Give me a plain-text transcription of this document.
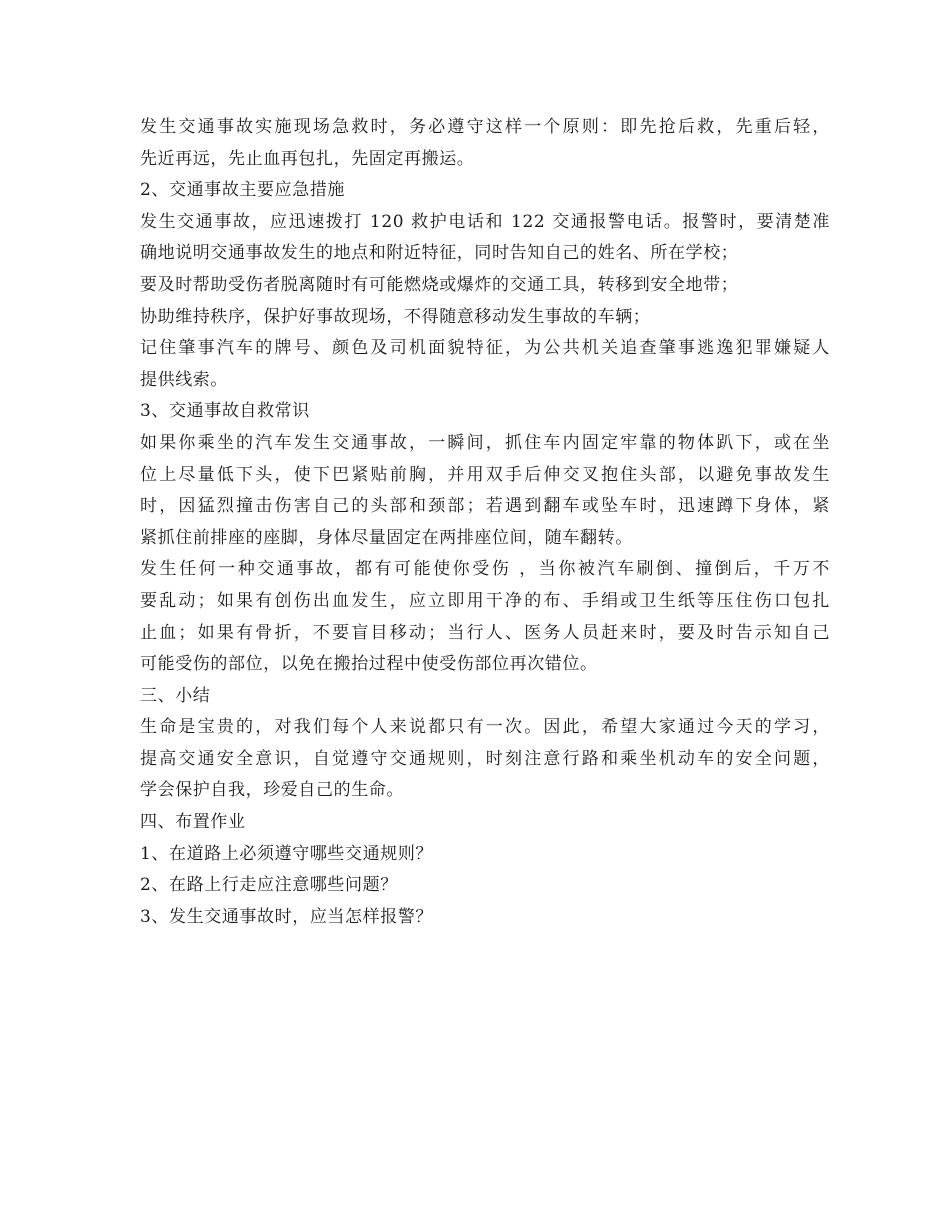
发生交通事故实施现场急救时，务必遵守这样一个原则：即先抢后救，先重后轻，
先近再远，先止血再包扎，先固定再搬运。
2、交通事故主要应急措施
发生交通事故，应迅速拨打 120 救护电话和 122 交通报警电话。报警时，要清楚准
确地说明交通事故发生的地点和附近特征，同时告知自己的姓名、所在学校；
要及时帮助受伤者脱离随时有可能燃烧或爆炸的交通工具，转移到安全地带；
协助维持秩序，保护好事故现场，不得随意移动发生事故的车辆；
记住肇事汽车的牌号、颜色及司机面貌特征，为公共机关追查肇事逃逸犯罪嫌疑人
提供线索。
3、交通事故自救常识
如果你乘坐的汽车发生交通事故，一瞬间，抓住车内固定牢靠的物体趴下，或在坐
位上尽量低下头，使下巴紧贴前胸，并用双手后伸交叉抱住头部，以避免事故发生
时，因猛烈撞击伤害自己的头部和颈部；若遇到翻车或坠车时，迅速蹲下身体，紧
紧抓住前排座的座脚，身体尽量固定在两排座位间，随车翻转。
发生任何一种交通事故，都有可能使你受伤 ，当你被汽车刷倒、撞倒后，千万不
要乱动；如果有创伤出血发生，应立即用干净的布、手绢或卫生纸等压住伤口包扎
止血；如果有骨折，不要盲目移动；当行人、医务人员赶来时，要及时告示知自己
可能受伤的部位，以免在搬抬过程中使受伤部位再次错位。
三、小结
生命是宝贵的，对我们每个人来说都只有一次。因此，希望大家通过今天的学习，
提高交通安全意识，自觉遵守交通规则，时刻注意行路和乘坐机动车的安全问题，
学会保护自我，珍爱自己的生命。
四、布置作业
1、在道路上必须遵守哪些交通规则？
2、在路上行走应注意哪些问题？
3、发生交通事故时，应当怎样报警？
